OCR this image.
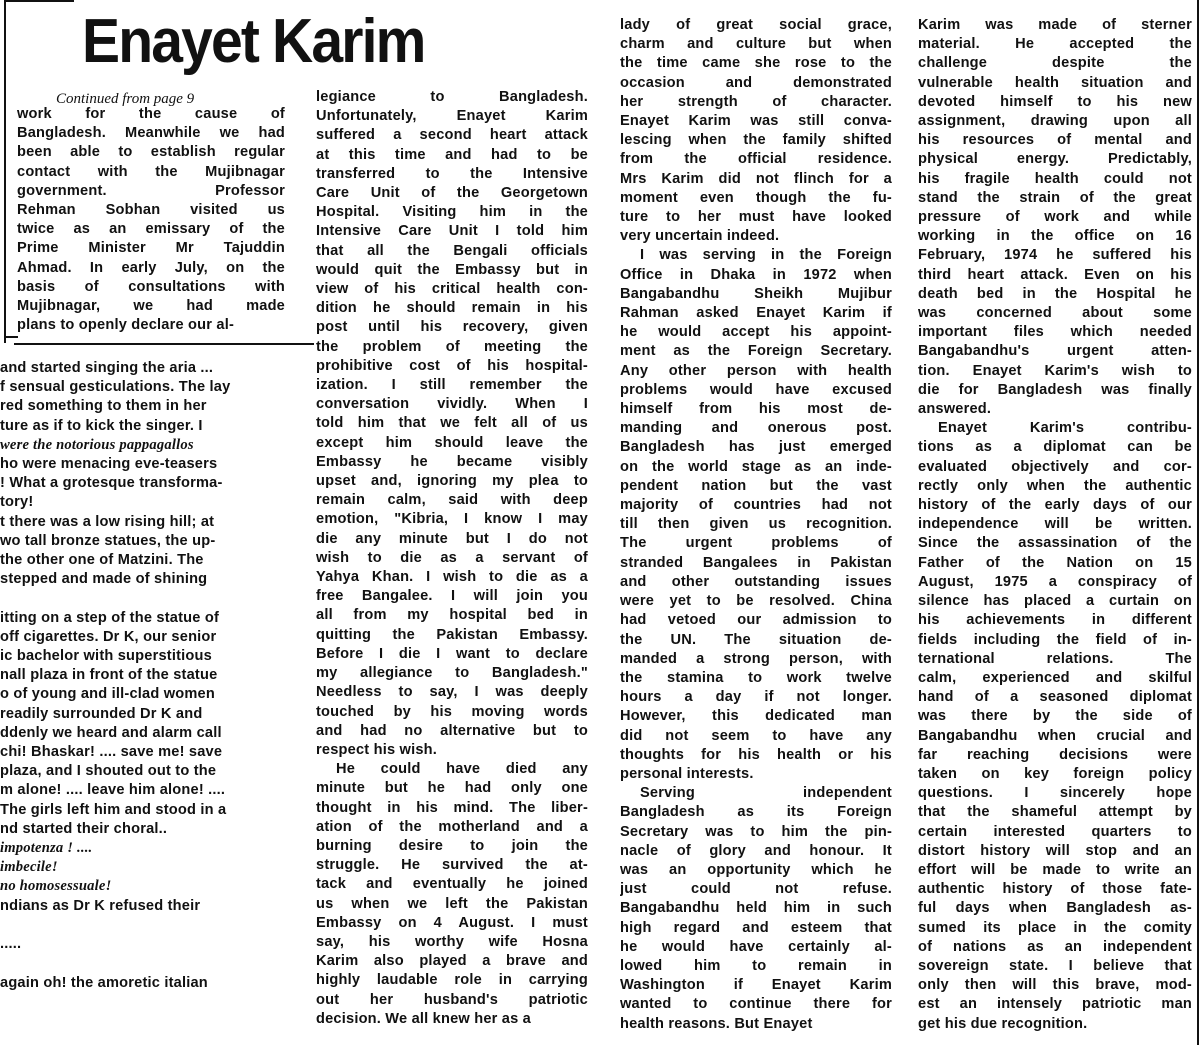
Enayet Karim
Continued from page 9
work for the cause of
Bangladesh. Meanwhile we had
been able to establish regular
contact with the Mujibnagar
government. Professor
Rehman Sobhan visited us
twice as an emissary of the
Prime Minister Mr Tajuddin
Ahmad. In early July, on the
basis of consultations with
Mujibnagar, we had made
plans to openly declare our al-
and started singing the aria ...
f sensual gesticulations. The lay
red something to them in her
ture as if to kick the singer. I
were the notorious pappagallos
ho were menacing eve-teasers
! What a grotesque transforma-
tory!
t there was a low rising hill; at
wo tall bronze statues, the up-
the other one of Matzini. The
stepped and made of shining

itting on a step of the statue of
off cigarettes. Dr K, our senior
ic bachelor with superstitious
nall plaza in front of the statue
o of young and ill-clad women
readily surrounded Dr K and
ddenly we heard and alarm call
chi! Bhaskar! .... save me! save
plaza, and I shouted out to the
m alone! .... leave him alone! ....
The girls left him and stood in a
nd started their choral..
impotenza ! ....
imbecile!
no homosessuale!
ndians as Dr K refused their

.....

again oh! the amoretic italian
legiance to Bangladesh.
Unfortunately, Enayet Karim
suffered a second heart attack
at this time and had to be
transferred to the Intensive
Care Unit of the Georgetown
Hospital. Visiting him in the
Intensive Care Unit I told him
that all the Bengali officials
would quit the Embassy but in
view of his critical health con-
dition he should remain in his
post until his recovery, given
the problem of meeting the
prohibitive cost of his hospital-
ization. I still remember the
conversation vividly. When I
told him that we felt all of us
except him should leave the
Embassy he became visibly
upset and, ignoring my plea to
remain calm, said with deep
emotion, "Kibria, I know I may
die any minute but I do not
wish to die as a servant of
Yahya Khan. I wish to die as a
free Bangalee. I will join you
all from my hospital bed in
quitting the Pakistan Embassy.
Before I die I want to declare
my allegiance to Bangladesh."
Needless to say, I was deeply
touched by his moving words
and had no alternative but to
respect his wish.
He could have died any
minute but he had only one
thought in his mind. The liber-
ation of the motherland and a
burning desire to join the
struggle. He survived the at-
tack and eventually he joined
us when we left the Pakistan
Embassy on 4 August. I must
say, his worthy wife Hosna
Karim also played a brave and
highly laudable role in carrying
out her husband's patriotic
decision. We all knew her as a
lady of great social grace,
charm and culture but when
the time came she rose to the
occasion and demonstrated
her strength of character.
Enayet Karim was still conva-
lescing when the family shifted
from the official residence.
Mrs Karim did not flinch for a
moment even though the fu-
ture to her must have looked
very uncertain indeed.
I was serving in the Foreign
Office in Dhaka in 1972 when
Bangabandhu Sheikh Mujibur
Rahman asked Enayet Karim if
he would accept his appoint-
ment as the Foreign Secretary.
Any other person with health
problems would have excused
himself from his most de-
manding and onerous post.
Bangladesh has just emerged
on the world stage as an inde-
pendent nation but the vast
majority of countries had not
till then given us recognition.
The urgent problems of
stranded Bangalees in Pakistan
and other outstanding issues
were yet to be resolved. China
had vetoed our admission to
the UN. The situation de-
manded a strong person, with
the stamina to work twelve
hours a day if not longer.
However, this dedicated man
did not seem to have any
thoughts for his health or his
personal interests.
Serving independent
Bangladesh as its Foreign
Secretary was to him the pin-
nacle of glory and honour. It
was an opportunity which he
just could not refuse.
Bangabandhu held him in such
high regard and esteem that
he would have certainly al-
lowed him to remain in
Washington if Enayet Karim
wanted to continue there for
health reasons. But Enayet
Karim was made of sterner
material. He accepted the
challenge despite the
vulnerable health situation and
devoted himself to his new
assignment, drawing upon all
his resources of mental and
physical energy. Predictably,
his fragile health could not
stand the strain of the great
pressure of work and while
working in the office on 16
February, 1974 he suffered his
third heart attack. Even on his
death bed in the Hospital he
was concerned about some
important files which needed
Bangabandhu's urgent atten-
tion. Enayet Karim's wish to
die for Bangladesh was finally
answered.
Enayet Karim's contribu-
tions as a diplomat can be
evaluated objectively and cor-
rectly only when the authentic
history of the early days of our
independence will be written.
Since the assassination of the
Father of the Nation on 15
August, 1975 a conspiracy of
silence has placed a curtain on
his achievements in different
fields including the field of in-
ternational relations. The
calm, experienced and skilful
hand of a seasoned diplomat
was there by the side of
Bangabandhu when crucial and
far reaching decisions were
taken on key foreign policy
questions. I sincerely hope
that the shameful attempt by
certain interested quarters to
distort history will stop and an
effort will be made to write an
authentic history of those fate-
ful days when Bangladesh as-
sumed its place in the comity
of nations as an independent
sovereign state. I believe that
only then will this brave, mod-
est an intensely patriotic man
get his due recognition.
